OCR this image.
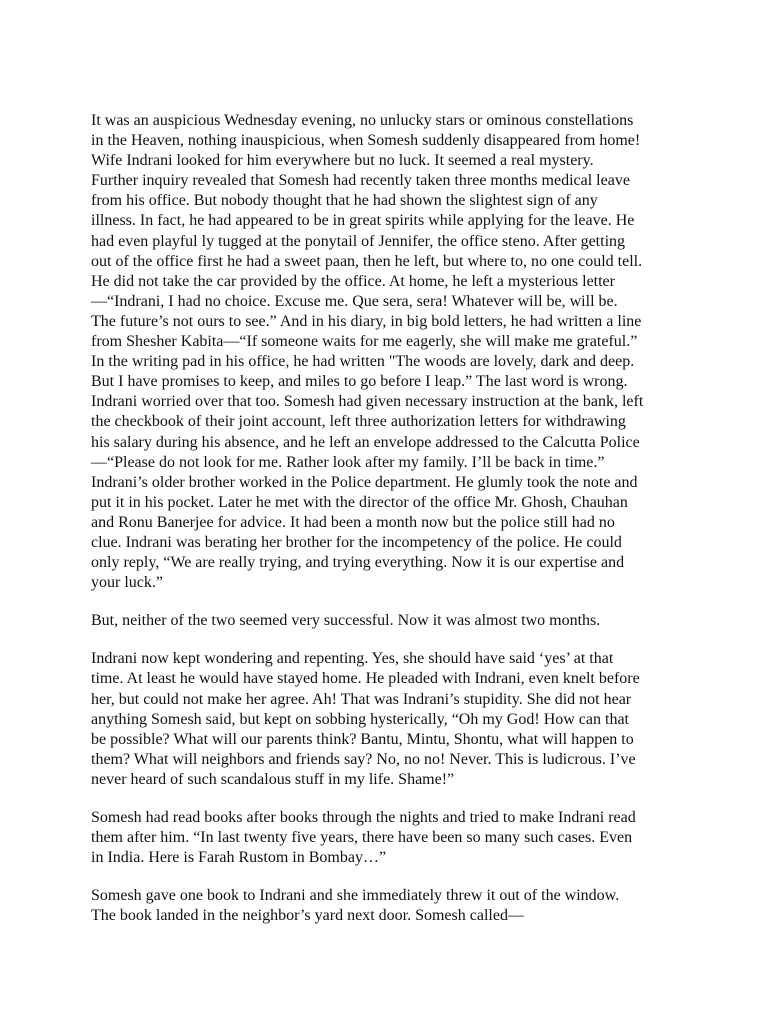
It was an auspicious Wednesday evening, no unlucky stars or ominous constellations
in the Heaven, nothing inauspicious, when Somesh suddenly disappeared from home!
Wife Indrani looked for him everywhere but no luck. It seemed a real mystery.
Further inquiry revealed that Somesh had recently taken three months medical leave
from his office. But nobody thought that he had shown the slightest sign of any
illness. In fact, he had appeared to be in great spirits while applying for the leave. He
had even playful ly tugged at the ponytail of Jennifer, the office steno. After getting
out of the office first he had a sweet paan, then he left, but where to, no one could tell.
He did not take the car provided by the office. At home, he left a mysterious letter
—“Indrani, I had no choice. Excuse me. Que sera, sera! Whatever will be, will be.
The future’s not ours to see.” And in his diary, in big bold letters, he had written a line
from Shesher Kabita—“If someone waits for me eagerly, she will make me grateful.”
In the writing pad in his office, he had written "The woods are lovely, dark and deep.
But I have promises to keep, and miles to go before I leap.” The last word is wrong.
Indrani worried over that too. Somesh had given necessary instruction at the bank, left
the checkbook of their joint account, left three authorization letters for withdrawing
his salary during his absence, and he left an envelope addressed to the Calcutta Police
—“Please do not look for me. Rather look after my family. I’ll be back in time.”
Indrani’s older brother worked in the Police department. He glumly took the note and
put it in his pocket. Later he met with the director of the office Mr. Ghosh, Chauhan
and Ronu Banerjee for advice. It had been a month now but the police still had no
clue. Indrani was berating her brother for the incompetency of the police. He could
only reply, “We are really trying, and trying everything. Now it is our expertise and
your luck.”

But, neither of the two seemed very successful. Now it was almost two months.

Indrani now kept wondering and repenting. Yes, she should have said ‘yes’ at that
time. At least he would have stayed home. He pleaded with Indrani, even knelt before
her, but could not make her agree. Ah! That was Indrani’s stupidity. She did not hear
anything Somesh said, but kept on sobbing hysterically, “Oh my God! How can that
be possible? What will our parents think? Bantu, Mintu, Shontu, what will happen to
them? What will neighbors and friends say? No, no no! Never. This is ludicrous. I’ve
never heard of such scandalous stuff in my life. Shame!”

Somesh had read books after books through the nights and tried to make Indrani read
them after him. “In last twenty five years, there have been so many such cases. Even
in India. Here is Farah Rustom in Bombay…”

Somesh gave one book to Indrani and she immediately threw it out of the window.
The book landed in the neighbor’s yard next door. Somesh called—
